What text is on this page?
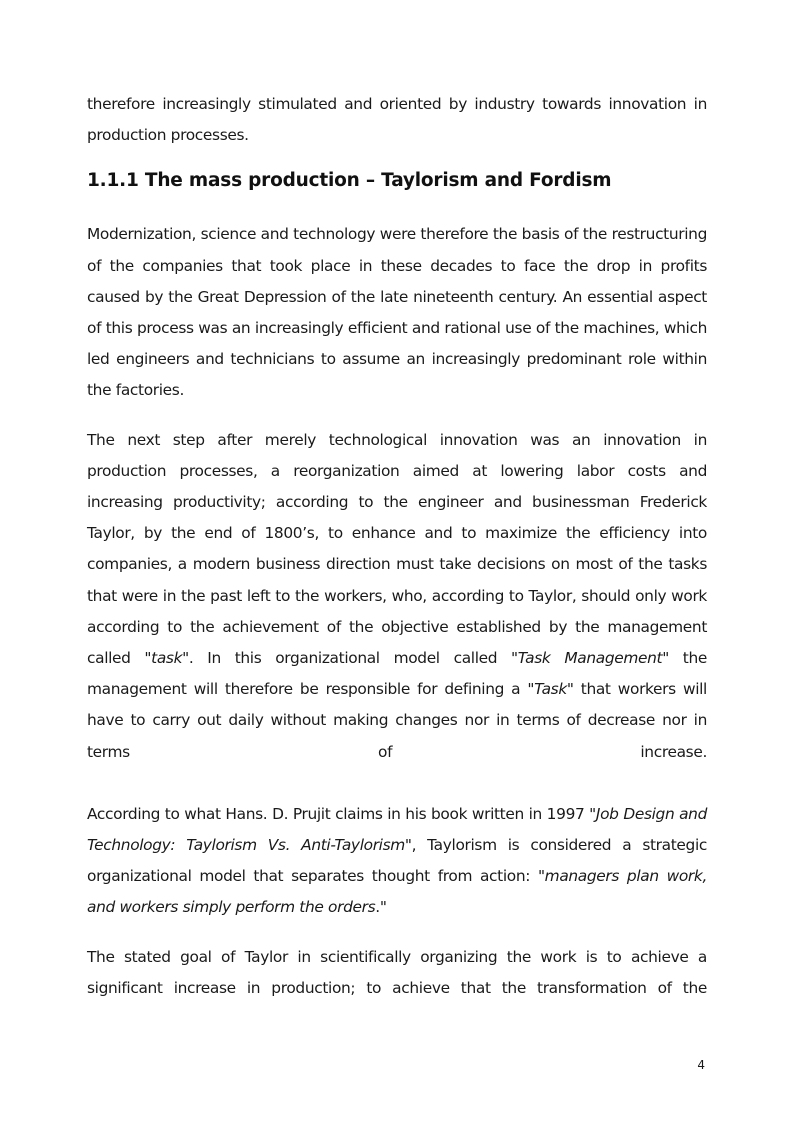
therefore increasingly stimulated and oriented by industry towards innovation in production processes.

1.1.1 The mass production – Taylorism and Fordism

Modernization, science and technology were therefore the basis of the restructuring of the companies that took place in these decades to face the drop in profits caused by the Great Depression of the late nineteenth century. An essential aspect of this process was an increasingly efficient and rational use of the machines, which led engineers and technicians to assume an increasingly predominant role within the factories.

The next step after merely technological innovation was an innovation in production processes, a reorganization aimed at lowering labor costs and increasing productivity; according to the engineer and businessman Frederick Taylor, by the end of 1800’s, to enhance and to maximize the efficiency into companies, a modern business direction must take decisions on most of the tasks that were in the past left to the workers, who, according to Taylor, should only work according to the achievement of the objective established by the management called "task". In this organizational model called "Task Management" the management will therefore be responsible for defining a "Task" that workers will have to carry out daily without making changes nor in terms of decrease nor in terms of increase.

According to what Hans. D. Prujit claims in his book written in 1997 "Job Design and Technology: Taylorism Vs. Anti-Taylorism", Taylorism is considered a strategic organizational model that separates thought from action: "managers plan work, and workers simply perform the orders."

The stated goal of Taylor in scientifically organizing the work is to achieve a significant increase in production; to achieve that the transformation of the

4
